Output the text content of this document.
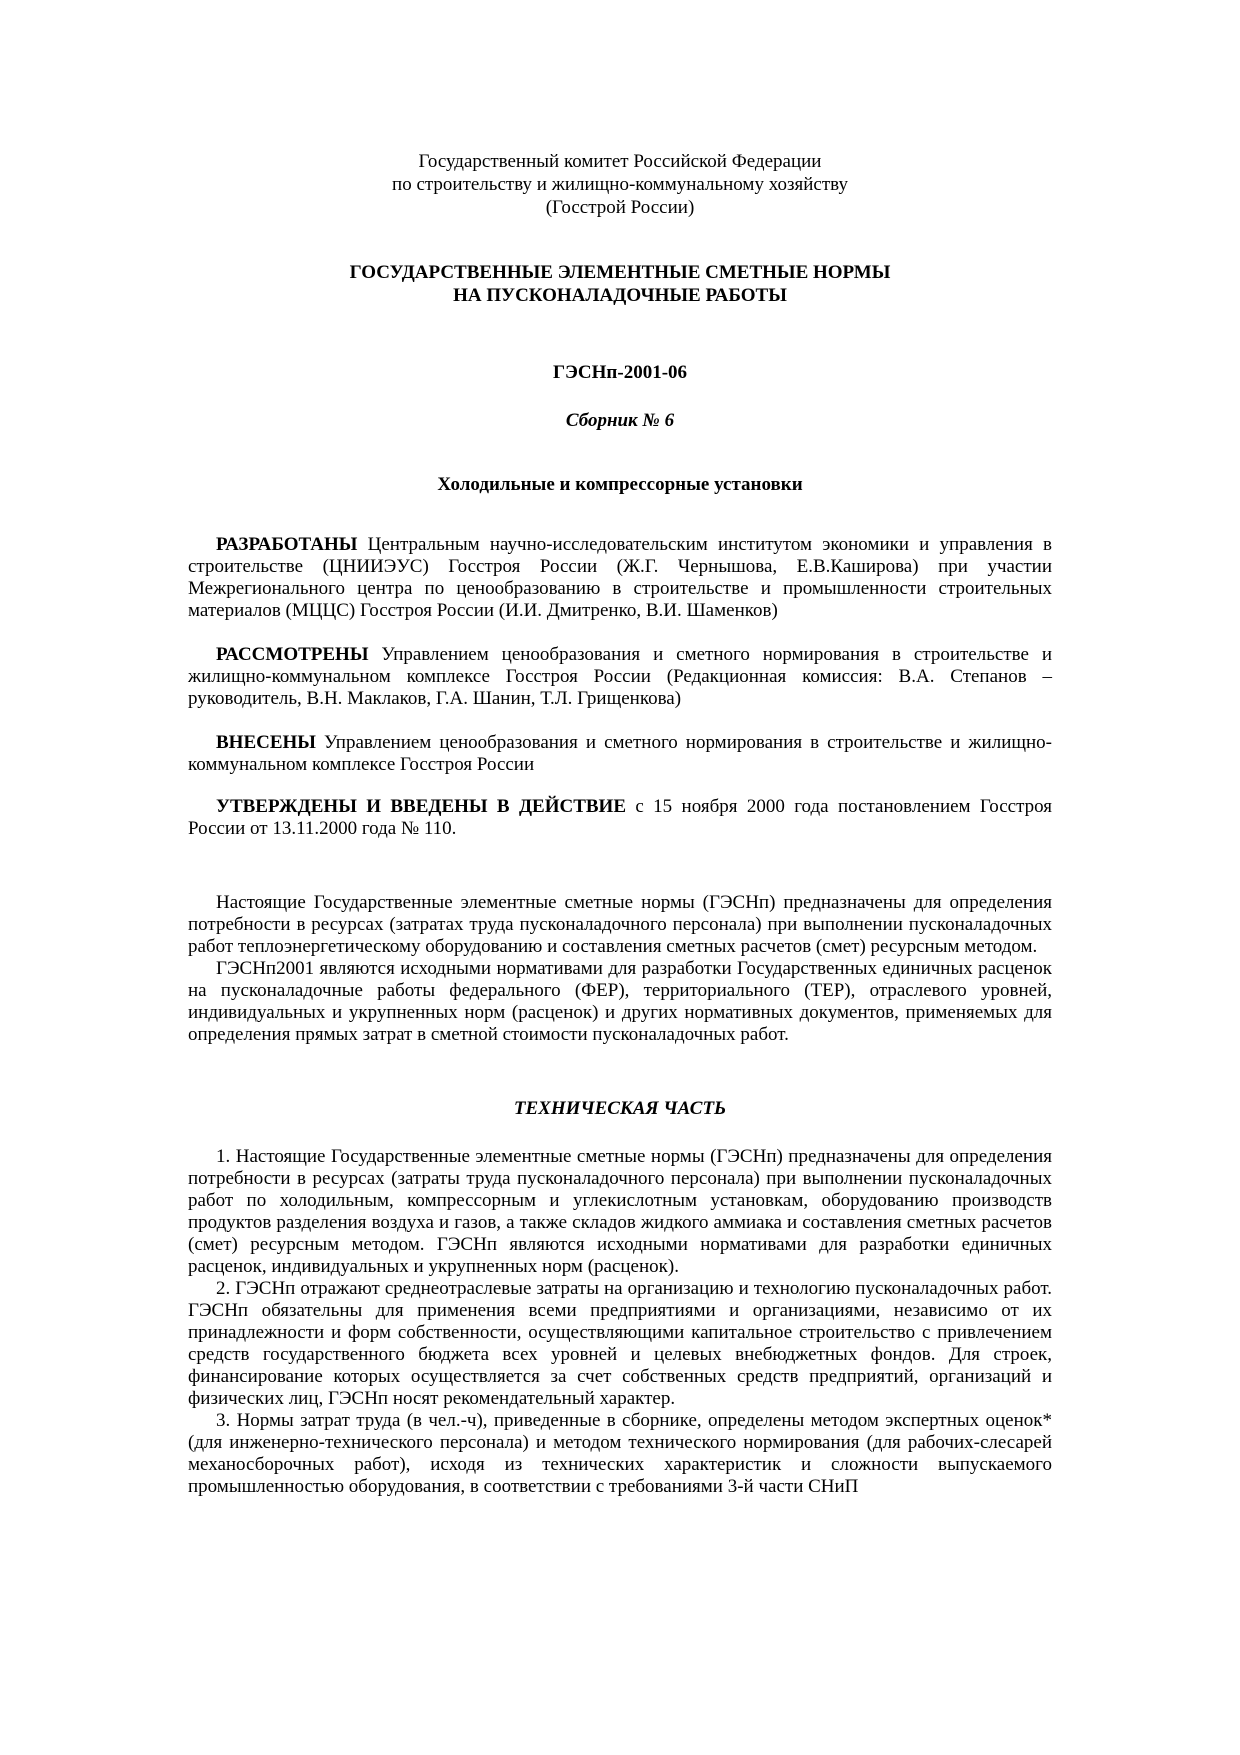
Государственный комитет Российской Федерации
по строительству и жилищно-коммунальному хозяйству
(Госстрой России)
ГОСУДАРСТВЕННЫЕ ЭЛЕМЕНТНЫЕ СМЕТНЫЕ НОРМЫ
НА ПУСКОНАЛАДОЧНЫЕ РАБОТЫ
ГЭСНп-2001-06
Сборник № 6
Холодильные и компрессорные установки

РАЗРАБОТАНЫ Центральным научно-исследовательским институтом экономики и управления в строительстве (ЦНИИЭУС) Госстроя России (Ж.Г. Чернышова, Е.В.Каширова) при участии Межрегионального центра по ценообразованию в строительстве и промышленности строительных материалов (МЦЦС) Госстроя России (И.И. Дмитренко, В.И. Шаменков)

РАССМОТРЕНЫ Управлением ценообразования и сметного нормирования в строительстве и жилищно-коммунальном комплексе Госстроя России (Редакционная комиссия: В.А. Степанов – руководитель, В.Н. Маклаков, Г.А. Шанин, Т.Л. Грищенкова)

ВНЕСЕНЫ Управлением ценообразования и сметного нормирования в строительстве и жилищно-коммунальном комплексе Госстроя России

УТВЕРЖДЕНЫ И ВВЕДЕНЫ В ДЕЙСТВИЕ с 15 ноября 2000 года постановлением Госстроя России от 13.11.2000 года № 110.

Настоящие Государственные элементные сметные нормы (ГЭСНп) предназначены для определения потребности в ресурсах (затратах труда пусконаладочного персонала) при выполнении пусконаладочных работ теплоэнергетическому оборудованию и составления сметных расчетов (смет) ресурсным методом.

ГЭСНп2001 являются исходными нормативами для разработки Государственных единичных расценок на пусконаладочные работы федерального (ФЕР), территориального (ТЕР), отраслевого уровней, индивидуальных и укрупненных норм (расценок) и других нормативных документов, применяемых для определения прямых затрат в сметной стоимости пусконаладочных работ.

ТЕХНИЧЕСКАЯ ЧАСТЬ

1. Настоящие Государственные элементные сметные нормы (ГЭСНп) предназначены для определения потребности в ресурсах (затраты труда пусконаладочного персонала) при выполнении пусконаладочных работ по холодильным, компрессорным и углекислотным установкам, оборудованию производств продуктов разделения воздуха и газов, а также складов жидкого аммиака и составления сметных расчетов (смет) ресурсным методом. ГЭСНп являются исходными нормативами для разработки единичных расценок, индивидуальных и укрупненных норм (расценок).

2. ГЭСНп отражают среднеотраслевые затраты на организацию и технологию пусконаладочных работ. ГЭСНп обязательны для применения всеми предприятиями и организациями, независимо от их принадлежности и форм собственности, осуществляющими капитальное строительство с привлечением средств государственного бюджета всех уровней и целевых внебюджетных фондов. Для строек, финансирование которых осуществляется за счет собственных средств предприятий, организаций и физических лиц, ГЭСНп носят рекомендательный характер.

3. Нормы затрат труда (в чел.-ч), приведенные в сборнике, определены методом экспертных оценок* (для инженерно-технического персонала) и методом технического нормирования (для рабочих-слесарей механосборочных работ), исходя из технических характеристик и сложности выпускаемого промышленностью оборудования, в соответствии с требованиями 3-й части СНиП
